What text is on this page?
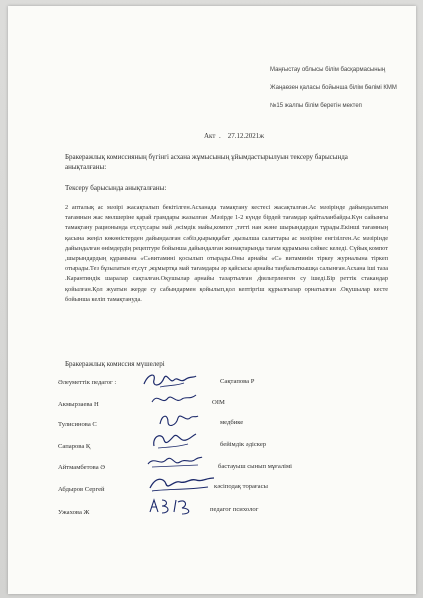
Маңғыстау облысы білім басқармасының
Жаңаөзен қаласы бойынша білім бөлімі КММ
№15 жалпы білім беретін мектеп
Акт  .    27.12.2021ж
Бракеражлық комиссияның бүгінгі асхана жұмысының ұйымдастырылуын тексеру барысында анықталғаны:
Тексеру барысында анықталғаны:
2 апталық ас мәзірі жасақталып бекітілген.Асханада тамақтану кестесі жасақталған.Ас мәзірінде дайындалатын тағамнын жас мөлшеріне қарай грамдары жазылған .Мәзірде 1-2 күнде бірдей тағамдар қайталанбайды.Күн сайынғы тамақтану рационында ет,сүт,сары май ,өсімдік майы,компот ,тәтті нан және шырындардан тұрады.Екінші тағамның қасына жеңіл көкөністерден дайындалған сәбіз,қырыққабат ,қызылша салаттары ас мәзіріне енгізілген.Ас мәзірінде дайындалған өнімдердің рецептуре бойынша дайындалған жинақтарында тағам құрамына сәйкес келеді. Сүйық компот ,шырындардың құрамына «С»витамині қосылып отырады.Оны арнайы «С» витаминін тіркеу журналына тіркеп отырады.Тез бұзылатын ет,сүт ,жұмыртқа май тағамдары әр қайсысы арнайы таңбалыткышқа салынған.Асхана іші таза .Карантиндік шаралар сақталған.Оқушылар арнайы тазартылған ,фильтрленген су ішеді.Бір реттік стакандар қойылған.Қол жуатын жерде су сабындармен қойылып,қол кептіргіш құрылғылар орнатылған .Оқушылар кесте бойынша келіп тамақтануда.
Бракеражлық комиссия мүшелері
Әлеуметтік педагог :	Сақтапова Р
Акмырзаева Н	ОІМ
Тулисинова С	медбике
Сапарова Қ	бейімдік әдіскер
Айтмамбетова Ә	бастауыш сынып мұғалімі
Абдыров Сергей	кәсіподақ торағасы
Ужахова Ж	педагог психолог
